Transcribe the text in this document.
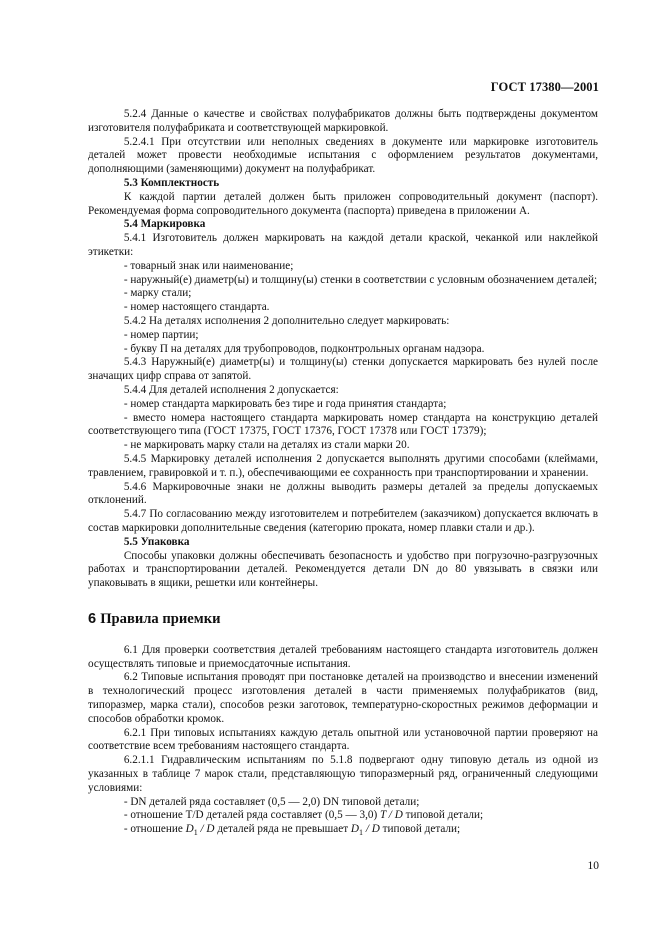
ГОСТ 17380—2001

5.2.4 Данные о качестве и свойствах полуфабрикатов должны быть подтверждены документом изготовителя полуфабриката и соответствующей маркировкой.

5.2.4.1 При отсутствии или неполных сведениях в документе или маркировке изготовитель деталей может провести необходимые испытания с оформлением результатов документами, дополняющими (заменяющими) документ на полуфабрикат.

5.3 Комплектность

К каждой партии деталей должен быть приложен сопроводительный документ (паспорт). Рекомендуемая форма сопроводительного документа (паспорта) приведена в приложении А.

5.4 Маркировка

5.4.1 Изготовитель должен маркировать на каждой детали краской, чеканкой или наклейкой этикетки:

- товарный знак или наименование;

- наружный(е) диаметр(ы) и толщину(ы) стенки в соответствии с условным обозначением деталей;

- марку стали;

- номер настоящего стандарта.

5.4.2 На деталях исполнения 2 дополнительно следует маркировать:

- номер партии;

- букву П на деталях для трубопроводов, подконтрольных органам надзора.

5.4.3 Наружный(е) диаметр(ы) и толщину(ы) стенки допускается маркировать без нулей после значащих цифр справа от запятой.

5.4.4 Для деталей исполнения 2 допускается:

- номер стандарта маркировать без тире и года принятия стандарта;

- вместо номера настоящего стандарта маркировать номер стандарта на конструкцию деталей соответствующего типа (ГОСТ 17375, ГОСТ 17376, ГОСТ 17378 или ГОСТ 17379);

- не маркировать марку стали на деталях из стали марки 20.

5.4.5 Маркировку деталей исполнения 2 допускается выполнять другими способами (клеймами, травлением, гравировкой и т. п.), обеспечивающими ее сохранность при транспортировании и хранении.

5.4.6 Маркировочные знаки не должны выводить размеры деталей за пределы допускаемых отклонений.

5.4.7 По согласованию между изготовителем и потребителем (заказчиком) допускается включать в состав маркировки дополнительные сведения (категорию проката, номер плавки стали и др.).

5.5 Упаковка

Способы упаковки должны обеспечивать безопасность и удобство при погрузочно-разгрузочных работах и транспортировании деталей. Рекомендуется детали DN до 80 увязывать в связки или упаковывать в ящики, решетки или контейнеры.

6 Правила приемки

6.1 Для проверки соответствия деталей требованиям настоящего стандарта изготовитель должен осуществлять типовые и приемосдаточные испытания.

6.2 Типовые испытания проводят при постановке деталей на производство и внесении изменений в технологический процесс изготовления деталей в части применяемых полуфабрикатов (вид, типоразмер, марка стали), способов резки заготовок, температурно-скоростных режимов деформации и способов обработки кромок.

6.2.1 При типовых испытаниях каждую деталь опытной или установочной партии проверяют на соответствие всем требованиям настоящего стандарта.

6.2.1.1 Гидравлическим испытаниям по 5.1.8 подвергают одну типовую деталь из одной из указанных в таблице 7 марок стали, представляющую типоразмерный ряд, ограниченный следующими условиями:

- DN деталей ряда составляет (0,5 — 2,0) DN типовой детали;

- отношение T/D деталей ряда составляет (0,5 — 3,0) T / D типовой детали;

- отношение $D_1$ / D деталей ряда не превышает $D_1$ / D типовой детали;

10
